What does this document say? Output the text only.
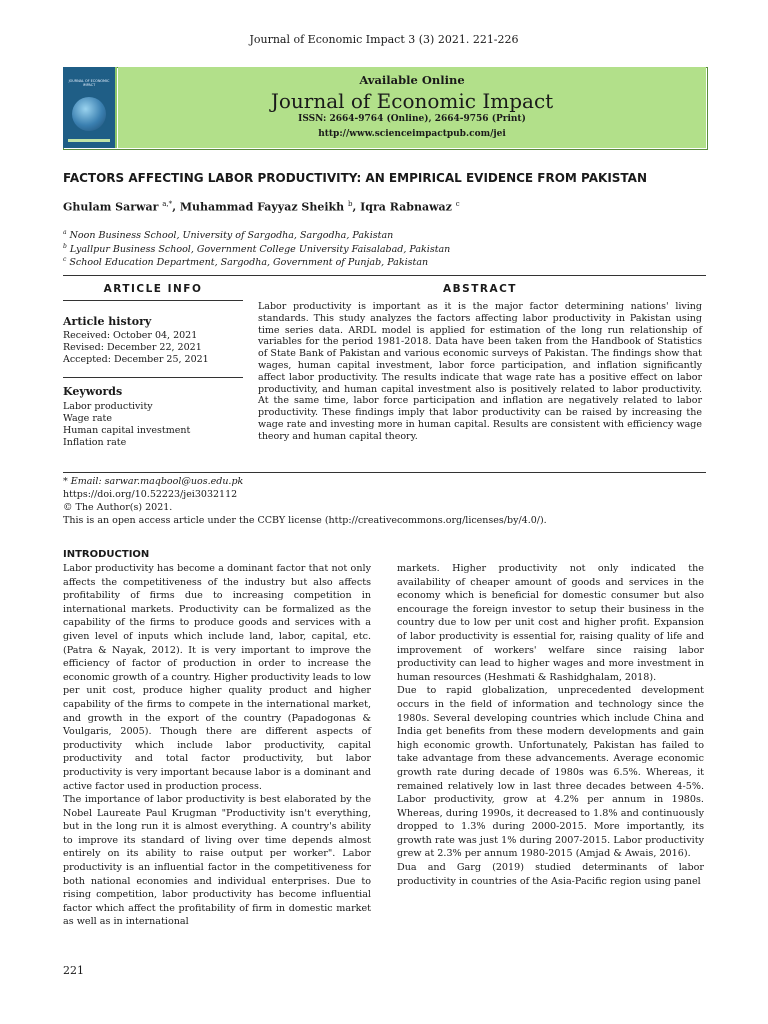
Journal of Economic Impact 3 (3) 2021. 221-226
JOURNAL OF ECONOMIC IMPACT	Available Online
Journal of Economic Impact
ISSN: 2664-9764 (Online), 2664-9756 (Print)
http://www.scienceimpactpub.com/jei
FACTORS AFFECTING LABOR PRODUCTIVITY: AN EMPIRICAL EVIDENCE FROM PAKISTAN
Ghulam Sarwar $^{a,*}$, Muhammad Fayyaz Sheikh $^b$, Iqra Rabnawaz $^c$
$^a$ Noon Business School, University of Sargodha, Sargodha, Pakistan
$^b$ Lyallpur Business School, Government College University Faisalabad, Pakistan
$^c$ School Education Department, Sargodha, Government of Punjab, Pakistan
ARTICLE INFO	ABSTRACT
Article history
Received: October 04, 2021
Revised: December 22, 2021
Accepted: December 25, 2021
Keywords
Labor productivity
Wage rate
Human capital investment
Inflation rate
Labor productivity is important as it is the major factor determining nations' living standards. This study analyzes the factors affecting labor productivity in Pakistan using time series data. ARDL model is applied for estimation of the long run relationship of variables for the period 1981-2018. Data have been taken from the Handbook of Statistics of State Bank of Pakistan and various economic surveys of Pakistan. The findings show that wages, human capital investment, labor force participation, and inflation significantly affect labor productivity. The results indicate that wage rate has a positive effect on labor productivity, and human capital investment also is positively related to labor productivity. At the same time, labor force participation and inflation are negatively related to labor productivity. These findings imply that labor productivity can be raised by increasing the wage rate and investing more in human capital. Results are consistent with efficiency wage theory and human capital theory.
* Email: sarwar.maqbool@uos.edu.pk
https://doi.org/10.52223/jei3032112
© The Author(s) 2021.
This is an open access article under the CCBY license (http://creativecommons.org/licenses/by/4.0/).
INTRODUCTION

Labor productivity has become a dominant factor that not only affects the competitiveness of the industry but also affects profitability of firms due to increasing competition in international markets. Productivity can be formalized as the capability of the firms to produce goods and services with a given level of inputs which include land, labor, capital, etc. (Patra & Nayak, 2012). It is very important to improve the efficiency of factor of production in order to increase the economic growth of a country. Higher productivity leads to low per unit cost, produce higher quality product and higher capability of the firms to compete in the international market, and growth in the export of the country (Papadogonas & Voulgaris, 2005). Though there are different aspects of productivity which include labor productivity, capital productivity and total factor productivity, but labor productivity is very important because labor is a dominant and active factor used in production process.

The importance of labor productivity is best elaborated by the Nobel Laureate Paul Krugman "Productivity isn't everything, but in the long run it is almost everything. A country's ability to improve its standard of living over time depends almost entirely on its ability to raise output per worker". Labor productivity is an influential factor in the competitiveness for both national economies and individual enterprises. Due to rising competition, labor productivity has become influential factor which affect the profitability of firm in domestic market as well as in international

markets. Higher productivity not only indicated the availability of cheaper amount of goods and services in the economy which is beneficial for domestic consumer but also encourage the foreign investor to setup their business in the country due to low per unit cost and higher profit. Expansion of labor productivity is essential for, raising quality of life and improvement of workers' welfare since raising labor productivity can lead to higher wages and more investment in human resources (Heshmati & Rashidghalam, 2018).

Due to rapid globalization, unprecedented development occurs in the field of information and technology since the 1980s. Several developing countries which include China and India get benefits from these modern developments and gain high economic growth. Unfortunately, Pakistan has failed to take advantage from these advancements. Average economic growth rate during decade of 1980s was 6.5%. Whereas, it remained relatively low in last three decades between 4-5%. Labor productivity, grow at 4.2% per annum in 1980s. Whereas, during 1990s, it decreased to 1.8% and continuously dropped to 1.3% during 2000-2015. More importantly, its growth rate was just 1% during 2007-2015. Labor productivity grew at 2.3% per annum 1980-2015 (Amjad & Awais, 2016).

Dua and Garg (2019) studied determinants of labor productivity in countries of the Asia-Pacific region using panel

221
